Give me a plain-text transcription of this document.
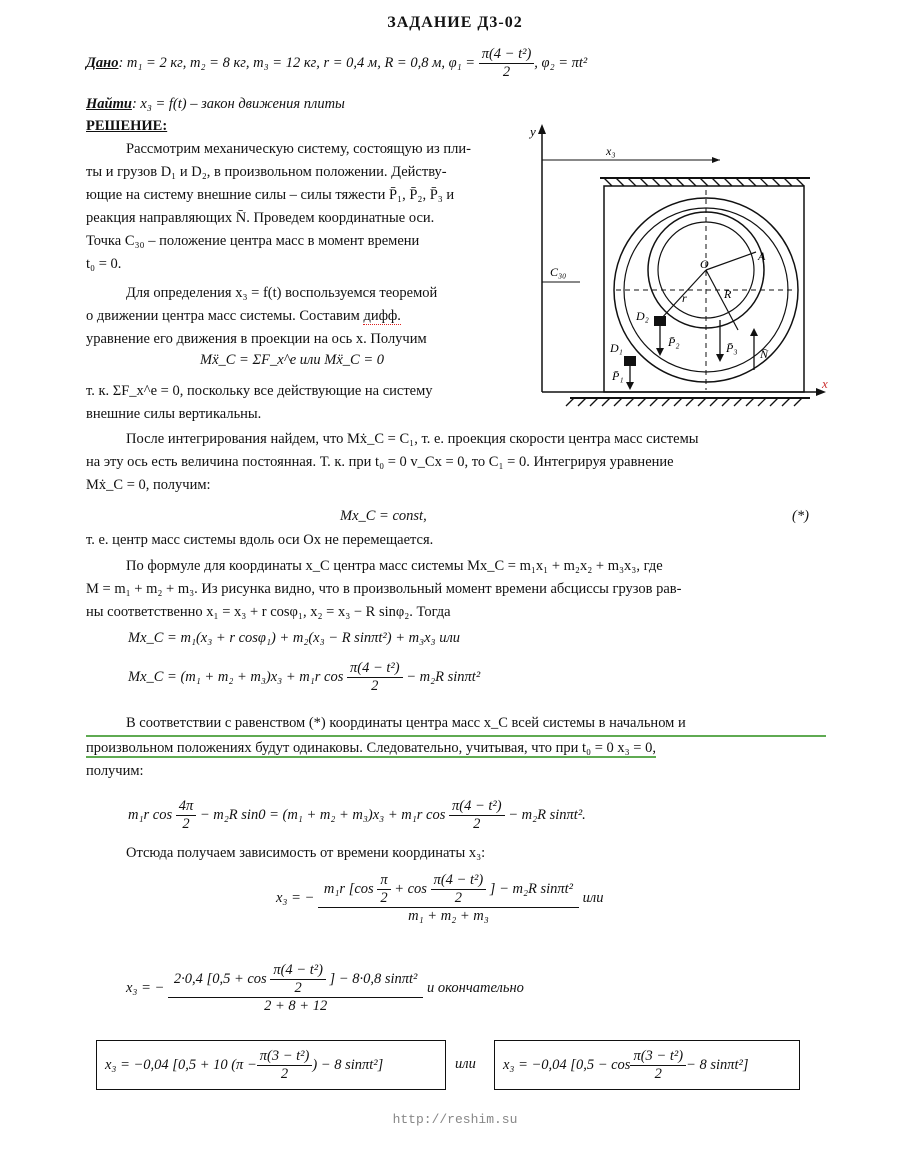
ЗАДАНИЕ Д3-02
Дано: m₁ = 2 кг, m₂ = 8 кг, m₃ = 12 кг, r = 0,4 м, R = 0,8 м, $\varphi_1 = \frac{\text{π(4 − t²)}}{2}$ , φ₂ = πt²
Найти: x₃ = f(t) – закон движения плиты
РЕШЕНИЕ:
Рассмотрим механическую систему, состоящую из пли-
ты и грузов D₁ и D₂, в произвольном положении. Действу-
ющие на систему внешние силы – силы тяжести P̄₁, P̄₂, P̄₃ и
реакция направляющих N̄. Проведем координатные оси.
Точка C₃₀ – положение центра масс в момент времени
t₀ = 0.
Для определения x₃ = f(t) воспользуемся теоремой
о движении центра масс системы. Составим дифф.
уравнение его движения в проекции на ось x. Получим
Mẍ_C = ΣF_x^e или Mẍ_C = 0
т. к. ΣF_x^e = 0, поскольку все действующие на систему
внешние силы вертикальны.
y
x
x₃
C₃₀
O
A
r	R
D₂
D₁
P̄₁
P̄₂	P̄₃ N̄
После интегрирования найдем, что Mẋ_C = C₁, т. е. проекция скорости центра масс системы
на эту ось есть величина постоянная. Т. к. при t₀ = 0 v_Cx = 0, то C₁ = 0. Интегрируя уравнение
Mẋ_C = 0, получим:
Mx_C = const,	(*)
т. е. центр масс системы вдоль оси Ox не перемещается.
По формуле для координаты x_C центра масс системы Mx_C = m₁x₁ + m₂x₂ + m₃x₃, где
M = m₁ + m₂ + m₃. Из рисунка видно, что в произвольный момент времени абсциссы грузов рав-
ны соответственно x₁ = x₃ + r cosφ₁, x₂ = x₃ − R sinφ₂. Тогда
Mx_C = m₁(x₃ + r cosφ₁) + m₂(x₃ − R sinπt²) + m₃x₃ или
Mx_C = (m₁ + m₂ + m₃)x₃ + m₁r $\cos \frac{\text{π(4 − t²)}}{2} - m_2R$ sinπt²
В соответствии с равенством (*) координаты центра масс x_C всей системы в начальном и
произвольном положениях будут одинаковы. Следовательно, учитывая, что при t₀ = 0 x₃ = 0,
получим:
m₁r $\cos \frac{4\pi}{2} - m_2R$ sin0 = (m₁ + m₂ + m₃)x₃ + m₁r $\cos \frac{\text{π(4 − t²)}}{2} - m_2R$ sinπt².
Отсюда получаем зависимость от времени координаты x₃:
x₃ = −
m₁r [$\cos \frac{\pi}{2} + \cos \frac{\text{π(4 − t²)}}{2}$ ] − m₂R sinπt²
m₁ + m₂ + m₃
или
x₃ = − $\frac{2\cdot 0,4 [0,5 + \cos \frac{\text{π(4 − t²)}}{2} ] - 8\cdot 0,8 \sin\pi t^2}{2 + 8 + 12}$ и окончательно
x₃ = −0,04 [0,5 + 10 ($\pi - \frac{\text{π(3 − t²)}}{2}$ ) − 8 sinπt²]	или x₃ = −0,04 [$0,5 - \cos \frac{\text{π(3 − t²)}}{2} - 8$ sinπt²]
http://reshim.su
